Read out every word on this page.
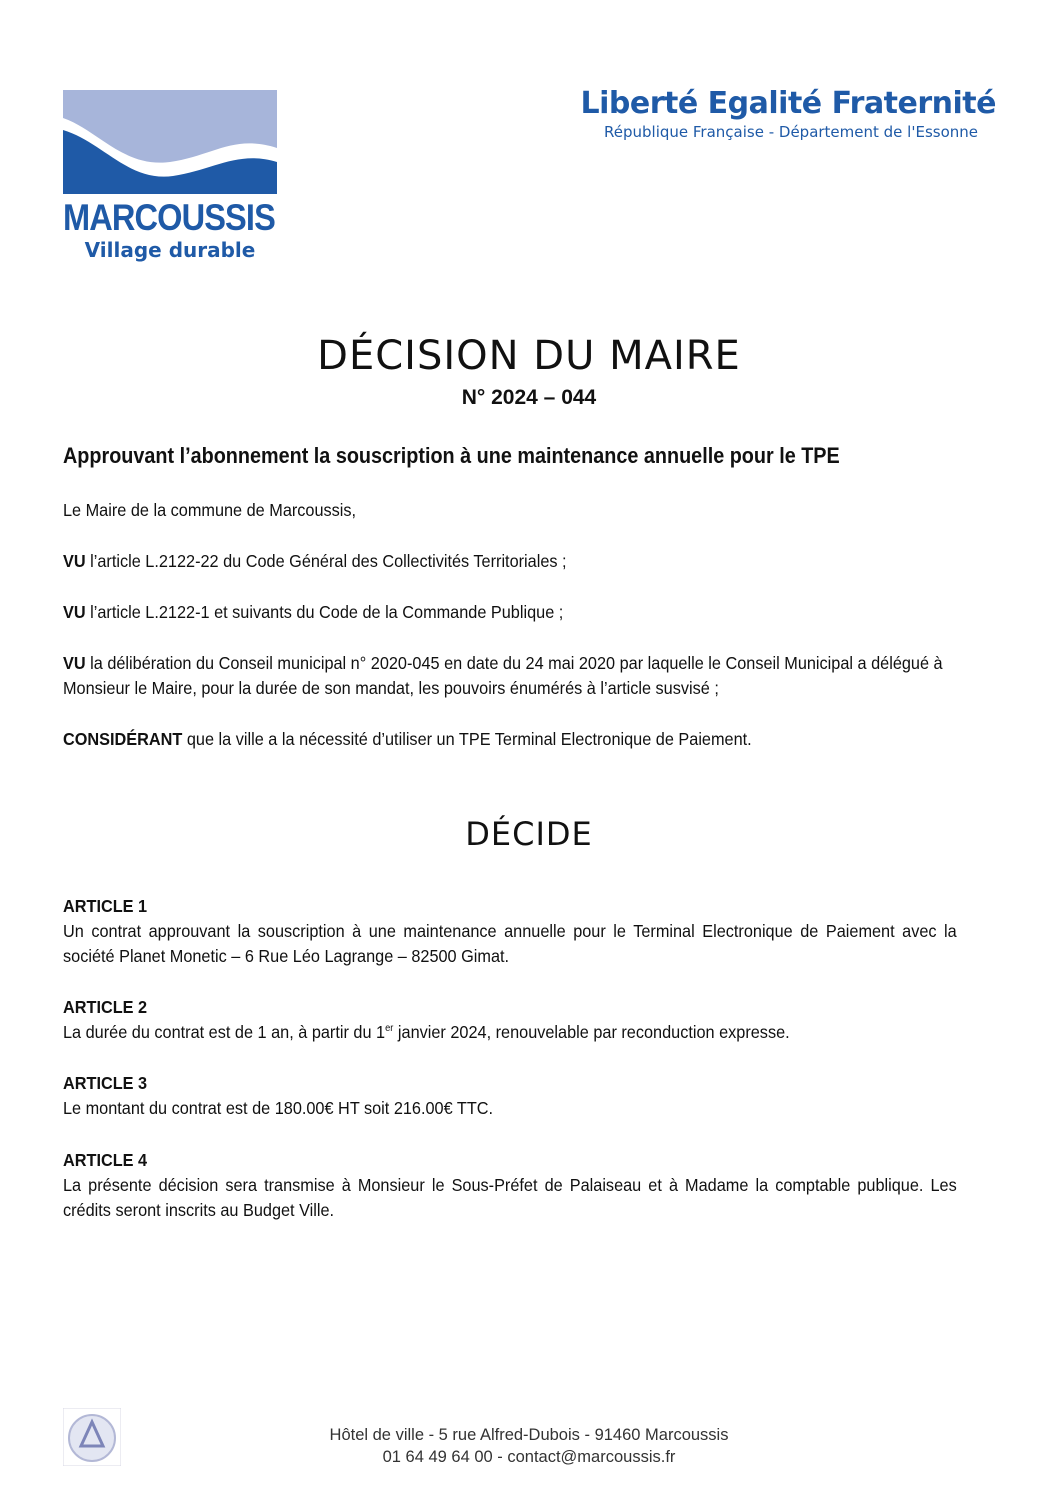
MARCOUSSIS
Village durable
Liberté Egalité Fraternité
République Française - Département de l'Essonne
DÉCISION DU MAIRE
N° 2024 – 044
Approuvant l’abonnement la souscription à une maintenance annuelle pour le TPE
Le Maire de la commune de Marcoussis,
VU l’article L.2122-22 du Code Général des Collectivités Territoriales ;
VU l’article L.2122-1 et suivants du Code de la Commande Publique ;
VU la délibération du Conseil municipal n° 2020-045 en date du 24 mai 2020 par laquelle le Conseil Municipal a délégué à Monsieur le Maire, pour la durée de son mandat, les pouvoirs énumérés à l’article susvisé ;
CONSIDÉRANT que la ville a la nécessité d’utiliser un TPE Terminal Electronique de Paiement.
DÉCIDE
ARTICLE 1
Un contrat approuvant la souscription à une maintenance annuelle pour le Terminal Electronique de Paiement avec la société Planet Monetic – 6 Rue Léo Lagrange – 82500 Gimat.
ARTICLE 2
La durée du contrat est de 1 an, à partir du 1er janvier 2024, renouvelable par reconduction expresse.
ARTICLE 3
Le montant du contrat est de 180.00€ HT soit 216.00€ TTC.
ARTICLE 4
La présente décision sera transmise à Monsieur le Sous-Préfet de Palaiseau et à Madame la comptable publique. Les crédits seront inscrits au Budget Ville.
Hôtel de ville - 5 rue Alfred-Dubois - 91460 Marcoussis
01 64 49 64 00 - contact@marcoussis.fr
